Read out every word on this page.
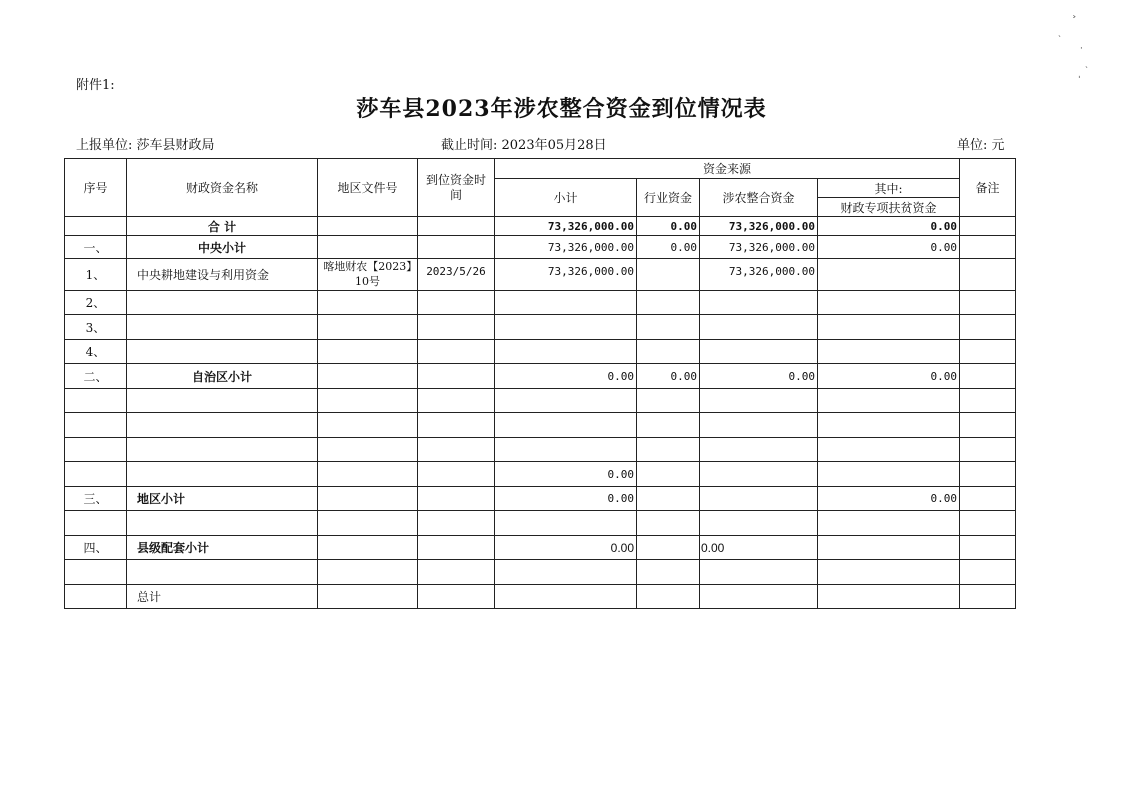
附件1:
莎车县2023年涉农整合资金到位情况表
上报单位: 莎车县财政局	截止时间: 2023年05月28日	单位: 元
˃
˴
·
ˏ
ˌ
序号	财政资金名称	地区文件号	到位资金时间	资金来源				备注
				小计	行业资金	涉农整合资金	其中:	
							财政专项扶贫资金	
	合 计			73,326,000.00	0.00	73,326,000.00	0.00	
一、	中央小计			73,326,000.00	0.00	73,326,000.00	0.00	
1、	中央耕地建设与利用资金	喀地财农【2023】10号	2023/5/26	73,326,000.00		73,326,000.00		
2、								
3、								
4、								
二、	自治区小计			0.00	0.00	0.00	0.00	

				0.00				
三、	地区小计			0.00			0.00	

四、	县级配套小计			0.00		0.00		

	总计							
